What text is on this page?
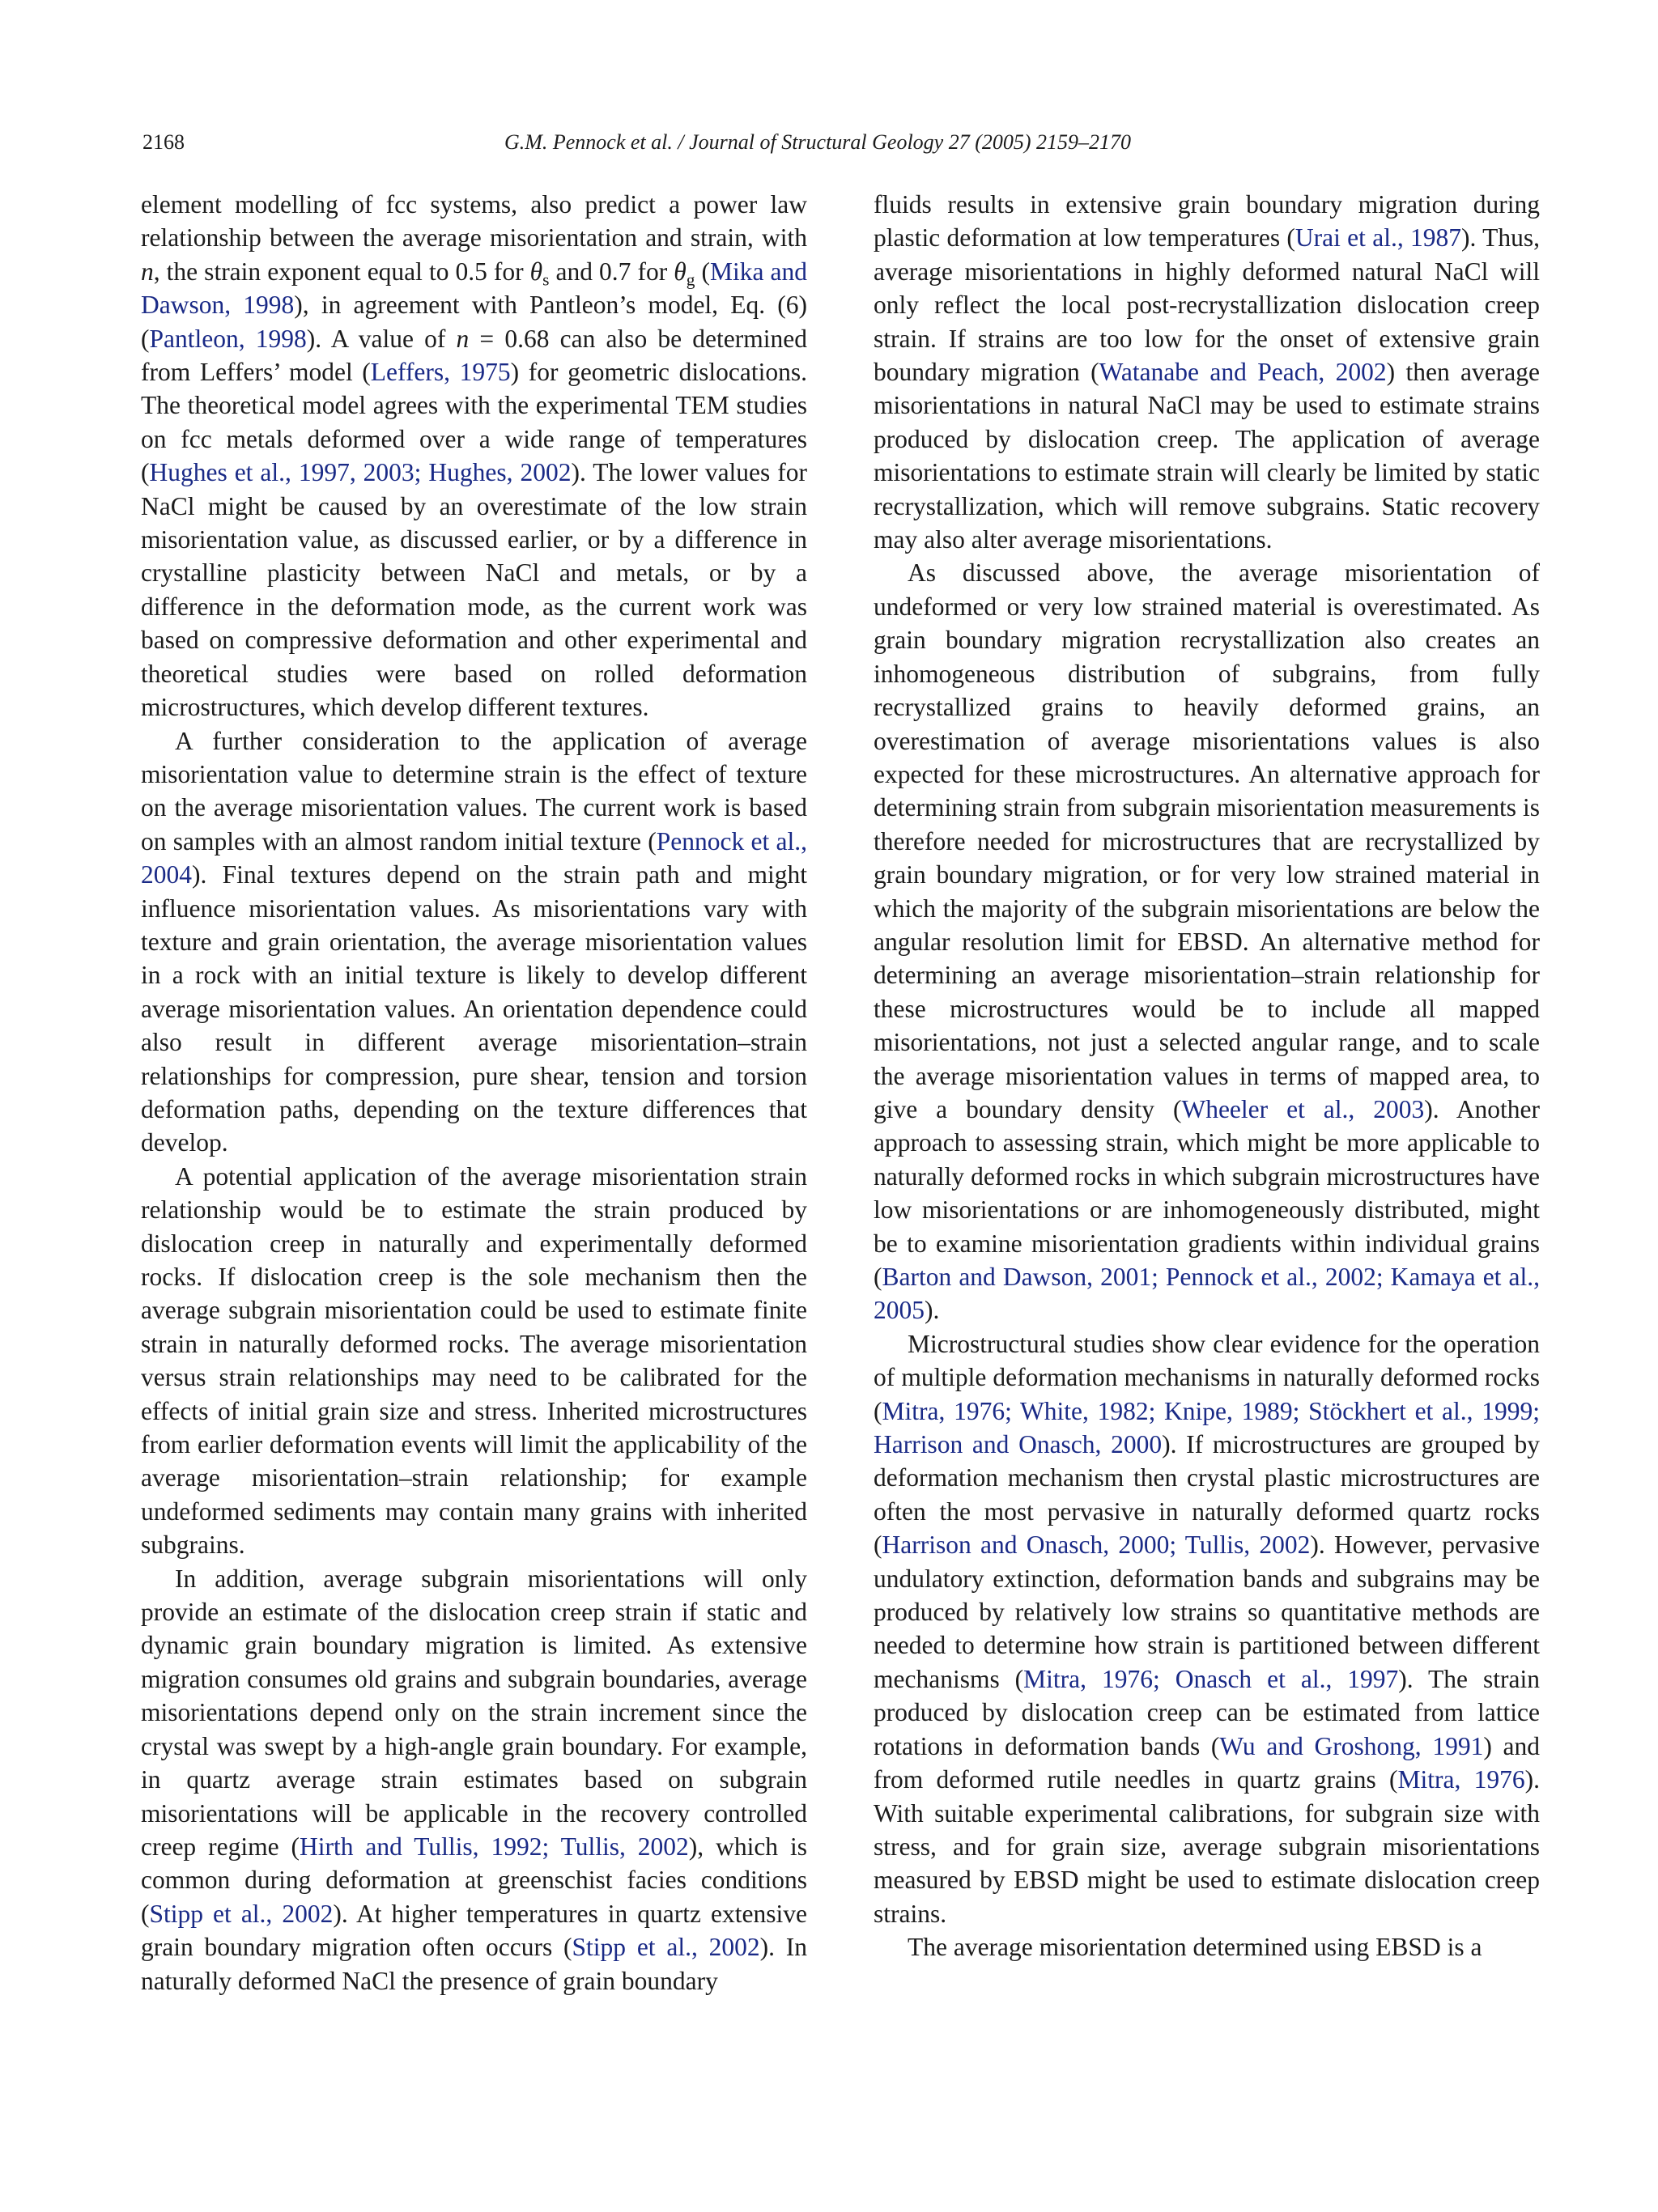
2168	G.M. Pennock et al. / Journal of Structural Geology 27 (2005) 2159–2170

element modelling of fcc systems, also predict a power law relationship between the average misorientation and strain, with n, the strain exponent equal to 0.5 for $\theta_s$ and 0.7 for $\theta_g$ (Mika and Dawson, 1998), in agreement with Pantleon’s model, Eq. (6) (Pantleon, 1998). A value of n = 0.68 can also be determined from Leffers’ model (Leffers, 1975) for geometric dislocations. The theoretical model agrees with the experimental TEM studies on fcc metals deformed over a wide range of temperatures (Hughes et al., 1997, 2003; Hughes, 2002). The lower values for NaCl might be caused by an overestimate of the low strain misorientation value, as discussed earlier, or by a difference in crystalline plasticity between NaCl and metals, or by a difference in the deformation mode, as the current work was based on compressive deformation and other experimental and theoretical studies were based on rolled deformation microstructures, which develop different textures.

A further consideration to the application of average misorientation value to determine strain is the effect of texture on the average misorientation values. The current work is based on samples with an almost random initial texture (Pennock et al., 2004). Final textures depend on the strain path and might influence misorientation values. As misorientations vary with texture and grain orientation, the average misorientation values in a rock with an initial texture is likely to develop different average misorientation values. An orientation dependence could also result in different average misorientation–strain relationships for compression, pure shear, tension and torsion deformation paths, depending on the texture differences that develop.

A potential application of the average misorientation strain relationship would be to estimate the strain produced by dislocation creep in naturally and experimentally deformed rocks. If dislocation creep is the sole mechanism then the average subgrain misorientation could be used to estimate finite strain in naturally deformed rocks. The average misorientation versus strain relationships may need to be calibrated for the effects of initial grain size and stress. Inherited microstructures from earlier deformation events will limit the applicability of the average misorientation–strain relationship; for example undeformed sediments may contain many grains with inherited subgrains.

In addition, average subgrain misorientations will only provide an estimate of the dislocation creep strain if static and dynamic grain boundary migration is limited. As extensive migration consumes old grains and subgrain boundaries, average misorientations depend only on the strain increment since the crystal was swept by a high-angle grain boundary. For example, in quartz average strain estimates based on subgrain misorientations will be applicable in the recovery controlled creep regime (Hirth and Tullis, 1992; Tullis, 2002), which is common during deformation at greenschist facies conditions (Stipp et al., 2002). At higher temperatures in quartz extensive grain boundary migration often occurs (Stipp et al., 2002). In naturally deformed NaCl the presence of grain boundary

fluids results in extensive grain boundary migration during plastic deformation at low temperatures (Urai et al., 1987). Thus, average misorientations in highly deformed natural NaCl will only reflect the local post-recrystallization dislocation creep strain. If strains are too low for the onset of extensive grain boundary migration (Watanabe and Peach, 2002) then average misorientations in natural NaCl may be used to estimate strains produced by dislocation creep. The application of average misorientations to estimate strain will clearly be limited by static recrystallization, which will remove subgrains. Static recovery may also alter average misorientations.

As discussed above, the average misorientation of undeformed or very low strained material is overestimated. As grain boundary migration recrystallization also creates an inhomogeneous distribution of subgrains, from fully recrystallized grains to heavily deformed grains, an overestimation of average misorientations values is also expected for these microstructures. An alternative approach for determining strain from subgrain misorientation measurements is therefore needed for microstructures that are recrystallized by grain boundary migration, or for very low strained material in which the majority of the subgrain misorientations are below the angular resolution limit for EBSD. An alternative method for determining an average misorientation–strain relationship for these microstructures would be to include all mapped misorientations, not just a selected angular range, and to scale the average misorientation values in terms of mapped area, to give a boundary density (Wheeler et al., 2003). Another approach to assessing strain, which might be more applicable to naturally deformed rocks in which subgrain microstructures have low misorientations or are inhomogeneously distributed, might be to examine misorientation gradients within individual grains (Barton and Dawson, 2001; Pennock et al., 2002; Kamaya et al., 2005).

Microstructural studies show clear evidence for the operation of multiple deformation mechanisms in naturally deformed rocks (Mitra, 1976; White, 1982; Knipe, 1989; Stöckhert et al., 1999; Harrison and Onasch, 2000). If microstructures are grouped by deformation mechanism then crystal plastic microstructures are often the most pervasive in naturally deformed quartz rocks (Harrison and Onasch, 2000; Tullis, 2002). However, pervasive undulatory extinction, deformation bands and subgrains may be produced by relatively low strains so quantitative methods are needed to determine how strain is partitioned between different mechanisms (Mitra, 1976; Onasch et al., 1997). The strain produced by dislocation creep can be estimated from lattice rotations in deformation bands (Wu and Groshong, 1991) and from deformed rutile needles in quartz grains (Mitra, 1976). With suitable experimental calibrations, for subgrain size with stress, and for grain size, average subgrain misorientations measured by EBSD might be used to estimate dislocation creep strains.

The average misorientation determined using EBSD is a
